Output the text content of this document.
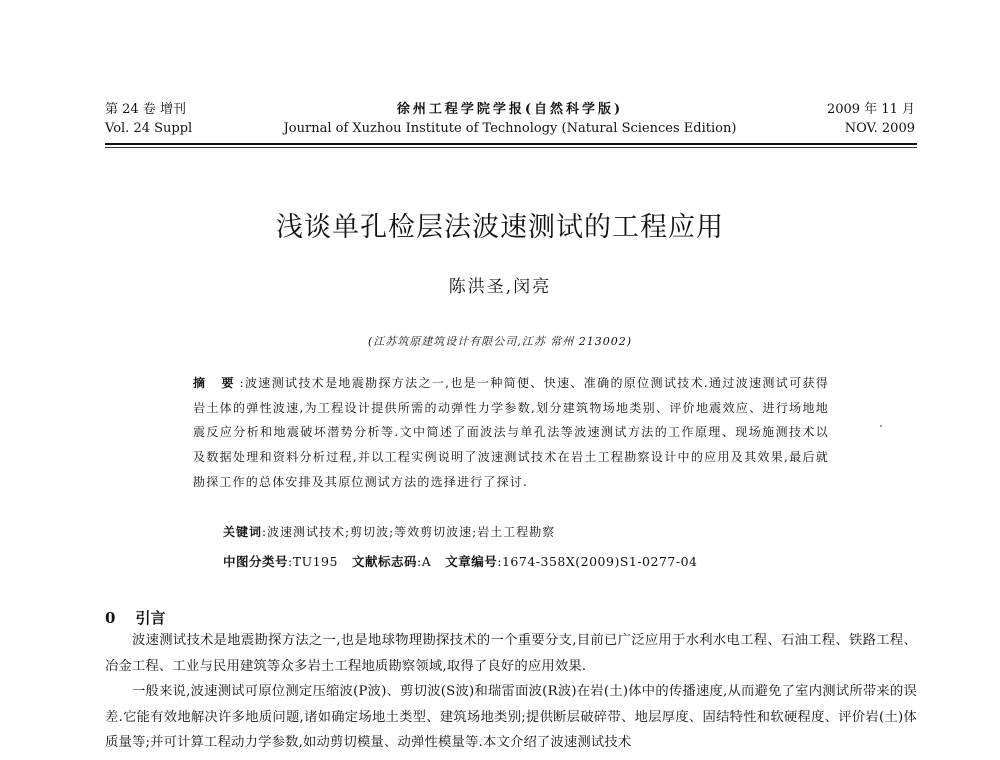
第 24 卷 增刊
Vol. 24 Suppl
徐州工程学院学报(自然科学版)
Journal of Xuzhou Institute of Technology (Natural Sciences Edition)
2009 年 11 月
NOV. 2009
浅谈单孔检层法波速测试的工程应用
陈洪圣,闵亮
(江苏筑原建筑设计有限公司,江苏 常州 213002)
摘 要:波速测试技术是地震勘探方法之一,也是一种简便、快速、准确的原位测试技术.通过波速测试可获得岩土体的弹性波速,为工程设计提供所需的动弹性力学参数,划分建筑物场地类别、评价地震效应、进行场地地震反应分析和地震破坏潜势分析等.文中简述了面波法与单孔法等波速测试方法的工作原理、现场施测技术以及数据处理和资料分析过程,并以工程实例说明了波速测试技术在岩土工程勘察设计中的应用及其效果,最后就勘探工作的总体安排及其原位测试方法的选择进行了探讨.
关键词:波速测试技术;剪切波;等效剪切波速;岩土工程勘察
中图分类号:TU195 文献标志码:A 文章编号:1674-358X(2009)S1-0277-04
0 引言

波速测试技术是地震勘探方法之一,也是地球物理勘探技术的一个重要分支,目前已广泛应用于水利水电工程、石油工程、铁路工程、冶金工程、工业与民用建筑等众多岩土工程地质勘察领域,取得了良好的应用效果.

一般来说,波速测试可原位测定压缩波(P波)、剪切波(S波)和瑞雷面波(R波)在岩(土)体中的传播速度,从而避免了室内测试所带来的误差.它能有效地解决许多地质问题,诸如确定场地土类型、建筑场地类别;提供断层破碎带、地层厚度、固结特性和软硬程度、评价岩(土)体质量等;并可计算工程动力学参数,如动剪切模量、动弹性模量等.本文介绍了波速测试技术
